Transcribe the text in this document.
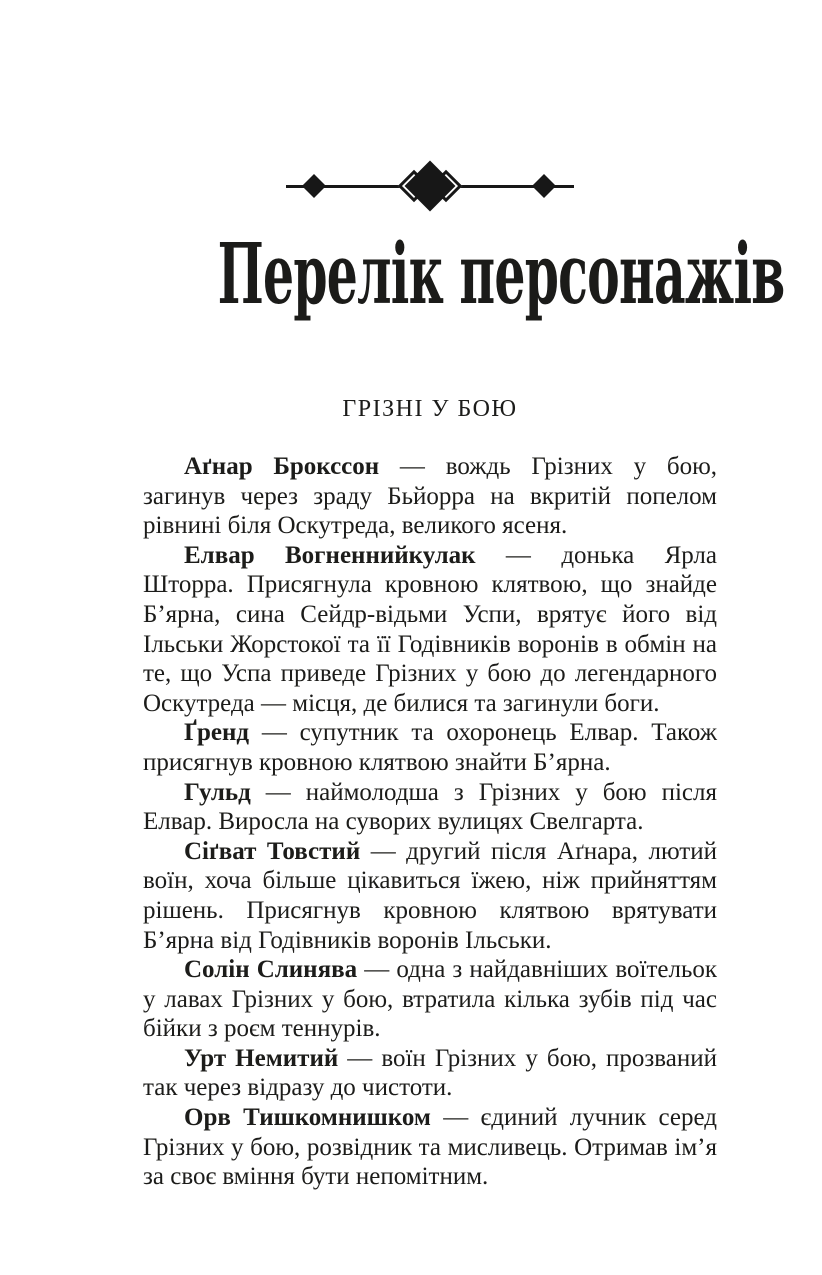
Перелік персонажів
ГРІЗНІ У БОЮ

Аґнар Брокссон — вождь Грізних у бою, загинув через зраду Бьйорра на вкритій попелом рівнині біля Оскутреда, великого ясеня.

Елвар Вогненнийкулак — донька Ярла Шторра. Присягнула кровною клятвою, що знайде Б’ярна, сина Сейдр-відьми Успи, врятує його від Ільськи Жорстокої та її Годівників воронів в обмін на те, що Успа приведе Грізних у бою до легендарного Оскутреда — місця, де билися та загинули боги.

Ґренд — супутник та охоронець Елвар. Також присягнув кровною клятвою знайти Б’ярна.

Гульд — наймолодша з Грізних у бою після Елвар. Виросла на суворих вулицях Свелгарта.

Сіґват Товстий — другий після Аґнара, лютий воїн, хоча більше цікавиться їжею, ніж прийняттям рішень. Присягнув кровною клятвою врятувати Б’ярна від Годівників воронів Ільськи.

Солін Слинява — одна з найдавніших воїтельок у лавах Грізних у бою, втратила кілька зубів під час бійки з роєм теннурів.

Урт Немитий — воїн Грізних у бою, прозваний так через відразу до чистоти.

Орв Тишкомнишком — єдиний лучник серед Грізних у бою, розвідник та мисливець. Отримав ім’я за своє вміння бути непомітним.
